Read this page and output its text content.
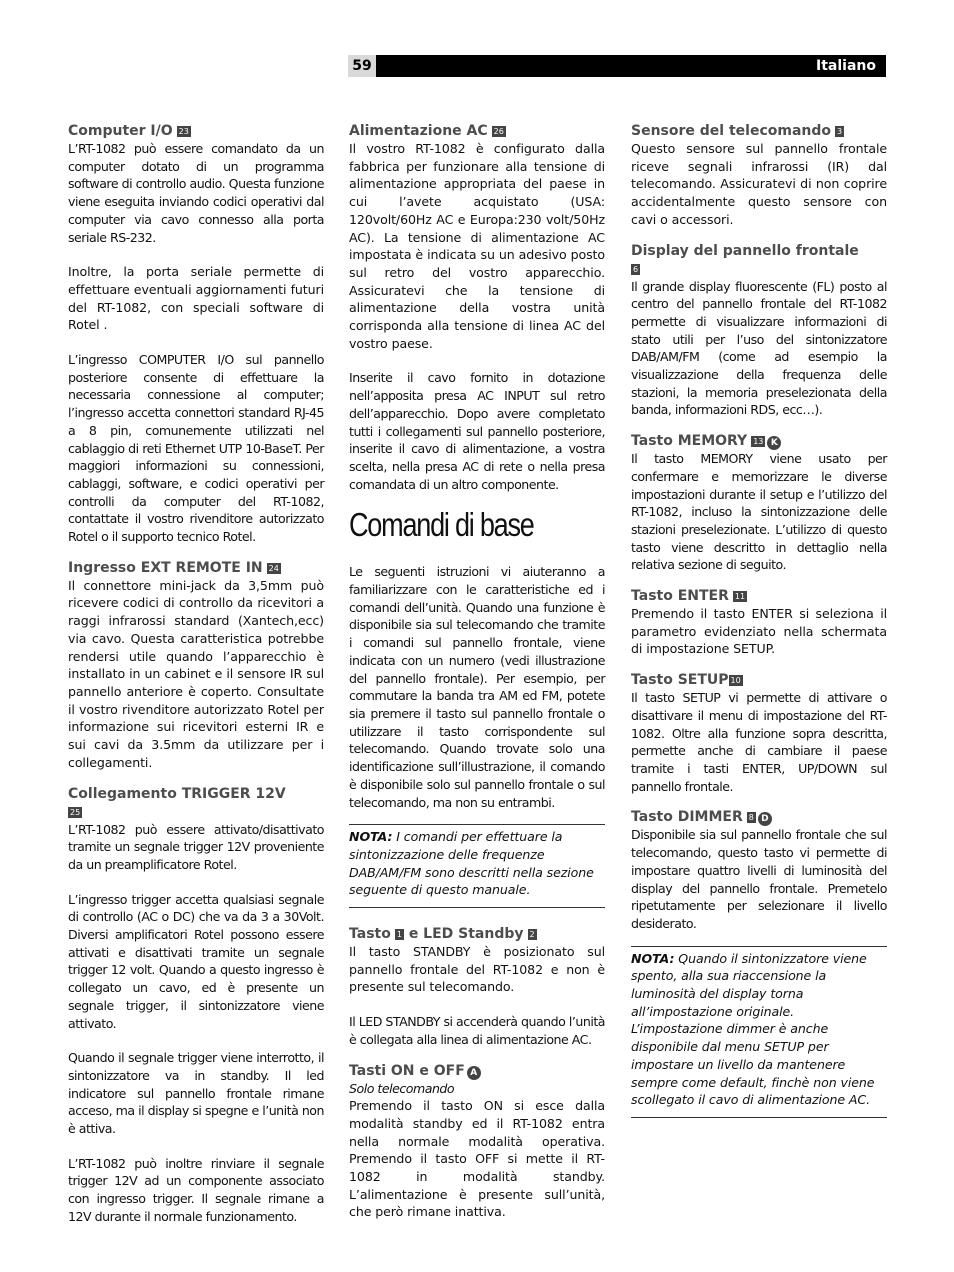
59	Italiano
Computer I/O 23

L’RT-1082 può essere comandato da un computer dotato di un programma software di controllo audio. Questa funzione viene eseguita inviando codici operativi dal computer via cavo connesso alla porta seriale RS-232.

Inoltre, la porta seriale permette di effettuare eventuali aggiornamenti futuri del RT-1082, con speciali software di Rotel .

L’ingresso COMPUTER I/O sul pannello posteriore consente di effettuare la necessaria connessione al computer; l’ingresso accetta connettori standard RJ-45 a 8 pin, comunemente utilizzati nel cablaggio di reti Ethernet UTP 10-BaseT. Per maggiori informazioni su connessioni, cablaggi, software, e codici operativi per controlli da computer del RT-1082, contattate il vostro rivenditore autorizzato Rotel o il supporto tecnico Rotel.

Ingresso EXT REMOTE IN 24

Il connettore mini-jack da 3,5mm può ricevere codici di controllo da ricevitori a raggi infrarossi standard (Xantech,ecc) via cavo. Questa caratteristica potrebbe rendersi utile quando l’apparecchio è installato in un cabinet e il sensore IR sul pannello anteriore è coperto. Consultate il vostro rivenditore autorizzato Rotel per informazione sui ricevitori esterni IR e sui cavi da 3.5mm da utilizzare per i collegamenti.

Collegamento TRIGGER 12V
25

L’RT-1082 può essere attivato/disattivato tramite un segnale trigger 12V proveniente da un preamplificatore Rotel.

L’ingresso trigger accetta qualsiasi segnale di controllo (AC o DC) che va da 3 a 30Volt. Diversi amplificatori Rotel possono essere attivati e disattivati tramite un segnale trigger 12 volt. Quando a questo ingresso è collegato un cavo, ed è presente un segnale trigger, il sintonizzatore viene attivato.

Quando il segnale trigger viene interrotto, il sintonizzatore va in standby. Il led indicatore sul pannello frontale rimane acceso, ma il display si spegne e l’unità non è attiva.

L’RT-1082 può inoltre rinviare il segnale trigger 12V ad un componente associato con ingresso trigger. Il segnale rimane a 12V durante il normale funzionamento.

Alimentazione AC 26

Il vostro RT-1082 è configurato dalla fabbrica per funzionare alla tensione di alimentazione appropriata del paese in cui l’avete acquistato (USA: 120volt/60Hz AC e Europa:230 volt/50Hz AC). La tensione di alimentazione AC impostata è indicata su un adesivo posto sul retro del vostro apparecchio. Assicuratevi che la tensione di alimentazione della vostra unità corrisponda alla tensione di linea AC del vostro paese.

Inserite il cavo fornito in dotazione nell’apposita presa AC INPUT sul retro dell’apparecchio. Dopo avere completato tutti i collegamenti sul pannello posteriore, inserite il cavo di alimentazione, a vostra scelta, nella presa AC di rete o nella presa comandata di un altro componente.

Comandi di base

Le seguenti istruzioni vi aiuteranno a familiarizzare con le caratteristiche ed i comandi dell’unità. Quando una funzione è disponibile sia sul telecomando che tramite i comandi sul pannello frontale, viene indicata con un numero (vedi illustrazione del pannello frontale). Per esempio, per commutare la banda tra AM ed FM, potete sia premere il tasto sul pannello frontale o utilizzare il tasto corrispondente sul telecomando. Quando trovate solo una identificazione sull’illustrazione, il comando è disponibile solo sul pannello frontale o sul telecomando, ma non su entrambi.

NOTA: I comandi per effettuare la sintonizzazione delle frequenze DAB/AM/FM sono descritti nella sezione seguente di questo manuale.

Tasto 1 e LED Standby 2

Il tasto STANDBY è posizionato sul pannello frontale del RT-1082 e non è presente sul telecomando.

Il LED STANDBY si accenderà quando l’unità è collegata alla linea di alimentazione AC.

Tasti ON e OFF A

Solo telecomando

Premendo il tasto ON si esce dalla modalità standby ed il RT-1082 entra nella normale modalità operativa. Premendo il tasto OFF si mette il RT-1082 in modalità standby. L’alimentazione è presente sull’unità, che però rimane inattiva.

Sensore del telecomando 3

Questo sensore sul pannello frontale riceve segnali infrarossi (IR) dal telecomando. Assicuratevi di non coprire accidentalmente questo sensore con cavi o accessori.

Display del pannello frontale
6

Il grande display fluorescente (FL) posto al centro del pannello frontale del RT-1082 permette di visualizzare informazioni di stato utili per l’uso del sintonizzatore DAB/AM/FM (come ad esempio la visualizzazione della frequenza delle stazioni, la memoria preselezionata della banda, informazioni RDS, ecc…).

Tasto MEMORY 13 K

Il tasto MEMORY viene usato per confermare e memorizzare le diverse impostazioni durante il setup e l’utilizzo del RT-1082, incluso la sintonizzazione delle stazioni preselezionate. L’utilizzo di questo tasto viene descritto in dettaglio nella relativa sezione di seguito.

Tasto ENTER 11

Premendo il tasto ENTER si seleziona il parametro evidenziato nella schermata di impostazione SETUP.

Tasto SETUP 10

Il tasto SETUP vi permette di attivare o disattivare il menu di impostazione del RT-1082. Oltre alla funzione sopra descritta, permette anche di cambiare il paese tramite i tasti ENTER, UP/DOWN sul pannello frontale.

Tasto DIMMER 8 D

Disponibile sia sul pannello frontale che sul telecomando, questo tasto vi permette di impostare quattro livelli di luminosità del display del pannello frontale. Premetelo ripetutamente per selezionare il livello desiderato.

NOTA: Quando il sintonizzatore viene spento, alla sua riaccensione la luminosità del display torna all’impostazione originale. L’impostazione dimmer è anche disponibile dal menu SETUP per impostare un livello da mantenere sempre come default, finchè non viene scollegato il cavo di alimentazione AC.
